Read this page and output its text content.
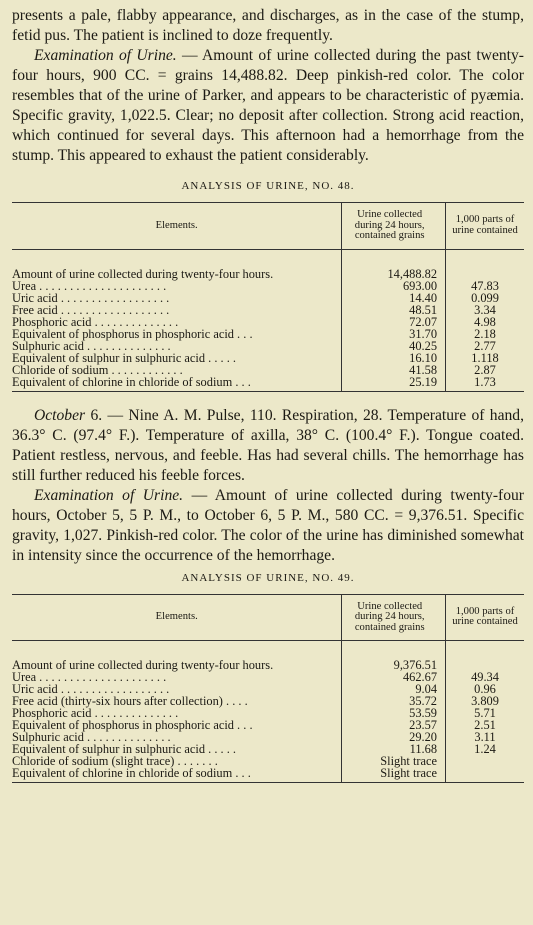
presents a pale, flabby appearance, and discharges, as in the case of the stump, fetid pus. The patient is inclined to doze frequently.

Examination of Urine. — Amount of urine collected during the past twenty-four hours, 900 CC. = grains 14,488.82. Deep pinkish-red color. The color resembles that of the urine of Parker, and appears to be characteristic of pyæmia. Specific gravity, 1,022.5. Clear; no deposit after collection. Strong acid reaction, which continued for several days. This afternoon had a hemorrhage from the stump. This appeared to exhaust the patient considerably.

ANALYSIS OF URINE, NO. 48.
Elements.	Urine collected during 24 hours, contained grains	1,000 parts of urine contained

Amount of urine collected during twenty-four hours.	14,488.82	
Urea . . . . . . . . . . . . . . . . . . . . .	693.00	47.83
Uric acid . . . . . . . . . . . . . . . . . .	14.40	0.099
Free acid . . . . . . . . . . . . . . . . . .	48.51	3.34
Phosphoric acid . . . . . . . . . . . . . .	72.07	4.98
Equivalent of phosphorus in phosphoric acid . . .	31.70	2.18
Sulphuric acid . . . . . . . . . . . . . .	40.25	2.77
Equivalent of sulphur in sulphuric acid . . . . .	16.10	1.118
Chloride of sodium . . . . . . . . . . . .	41.58	2.87
Equivalent of chlorine in chloride of sodium . . .	25.19	1.73

October 6. — Nine A. M. Pulse, 110. Respiration, 28. Temperature of hand, 36.3° C. (97.4° F.). Temperature of axilla, 38° C. (100.4° F.). Tongue coated. Patient restless, nervous, and feeble. Has had several chills. The hemorrhage has still further reduced his feeble forces.

Examination of Urine. — Amount of urine collected during twenty-four hours, October 5, 5 P. M., to October 6, 5 P. M., 580 CC. = 9,376.51. Specific gravity, 1,027. Pinkish-red color. The color of the urine has diminished somewhat in intensity since the occurrence of the hemorrhage.

ANALYSIS OF URINE, NO. 49.
Elements.	Urine collected during 24 hours, contained grains	1,000 parts of urine contained

Amount of urine collected during twenty-four hours.	9,376.51	
Urea . . . . . . . . . . . . . . . . . . . . .	462.67	49.34
Uric acid . . . . . . . . . . . . . . . . . .	9.04	0.96
Free acid (thirty-six hours after collection) . . . .	35.72	3.809
Phosphoric acid . . . . . . . . . . . . . .	53.59	5.71
Equivalent of phosphorus in phosphoric acid . . .	23.57	2.51
Sulphuric acid . . . . . . . . . . . . . .	29.20	3.11
Equivalent of sulphur in sulphuric acid . . . . .	11.68	1.24
Chloride of sodium (slight trace) . . . . . . .	Slight trace	
Equivalent of chlorine in chloride of sodium . . .	Slight trace	
